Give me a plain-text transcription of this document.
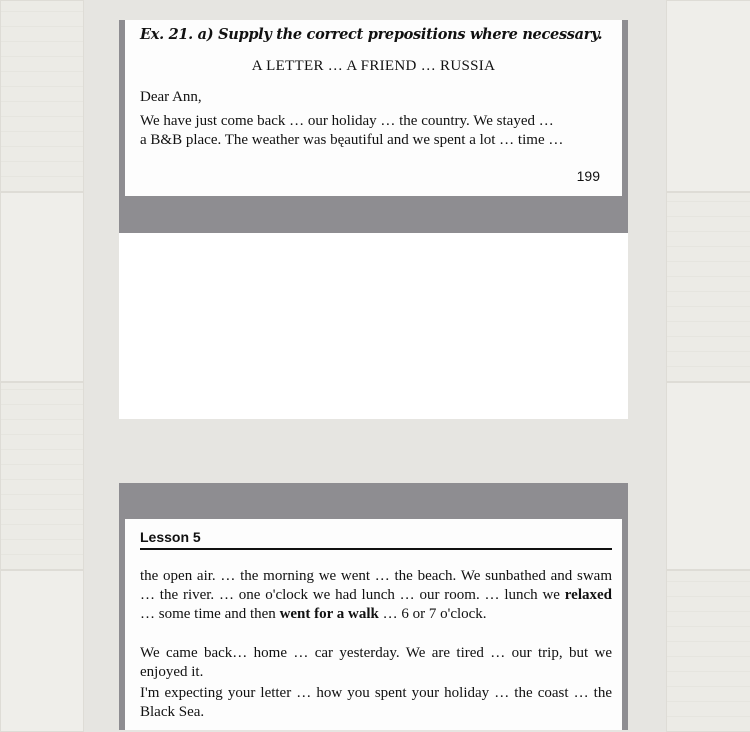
Ex. 21. a) Supply the correct prepositions where necessary.
A LETTER … A FRIEND … RUSSIA
Dear Ann,
We have just come back … our holiday … the country. We stayed …
a B&B place. The weather was bęautiful and we spent a lot … time …
199
Lesson 5
the open air. … the morning we went … the beach. We sunbathed and swam … the river. … one o'clock we had lunch … our room. … lunch we relaxed … some time and then went for a walk … 6 or 7 o'clock.
We came back… home … car yesterday. We are tired … our trip, but we enjoyed it.
I'm expecting your letter … how you spent your holiday … the coast … the Black Sea.
